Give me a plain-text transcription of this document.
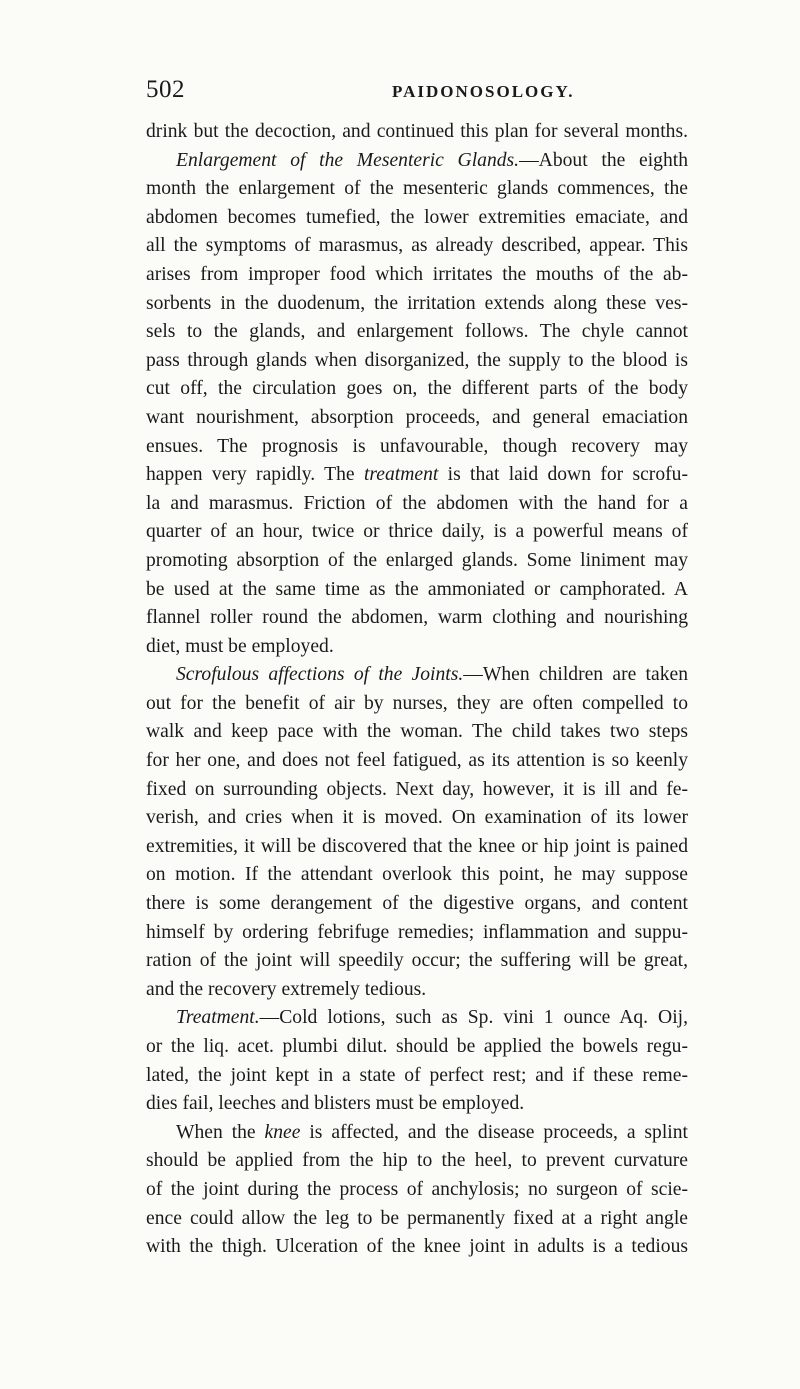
502	PAIDONOSOLOGY.
drink but the decoction, and continued this plan for several months.
Enlargement of the Mesenteric Glands.—About the eighth
month the enlargement of the mesenteric glands commences, the
abdomen becomes tumefied, the lower extremities emaciate, and
all the symptoms of marasmus, as already described, appear. This
arises from improper food which irritates the mouths of the ab-
sorbents in the duodenum, the irritation extends along these ves-
sels to the glands, and enlargement follows. The chyle cannot
pass through glands when disorganized, the supply to the blood is
cut off, the circulation goes on, the different parts of the body
want nourishment, absorption proceeds, and general emaciation
ensues. The prognosis is unfavourable, though recovery may
happen very rapidly. The treatment is that laid down for scrofu-
la and marasmus. Friction of the abdomen with the hand for a
quarter of an hour, twice or thrice daily, is a powerful means of
promoting absorption of the enlarged glands. Some liniment may
be used at the same time as the ammoniated or camphorated. A
flannel roller round the abdomen, warm clothing and nourishing
diet, must be employed.
Scrofulous affections of the Joints.—When children are taken
out for the benefit of air by nurses, they are often compelled to
walk and keep pace with the woman. The child takes two steps
for her one, and does not feel fatigued, as its attention is so keenly
fixed on surrounding objects. Next day, however, it is ill and fe-
verish, and cries when it is moved. On examination of its lower
extremities, it will be discovered that the knee or hip joint is pained
on motion. If the attendant overlook this point, he may suppose
there is some derangement of the digestive organs, and content
himself by ordering febrifuge remedies; inflammation and suppu-
ration of the joint will speedily occur; the suffering will be great,
and the recovery extremely tedious.
Treatment.—Cold lotions, such as Sp. vini 1 ounce Aq. Oij,
or the liq. acet. plumbi dilut. should be applied the bowels regu-
lated, the joint kept in a state of perfect rest; and if these reme-
dies fail, leeches and blisters must be employed.
When the knee is affected, and the disease proceeds, a splint
should be applied from the hip to the heel, to prevent curvature
of the joint during the process of anchylosis; no surgeon of scie-
ence could allow the leg to be permanently fixed at a right angle
with the thigh. Ulceration of the knee joint in adults is a tedious
